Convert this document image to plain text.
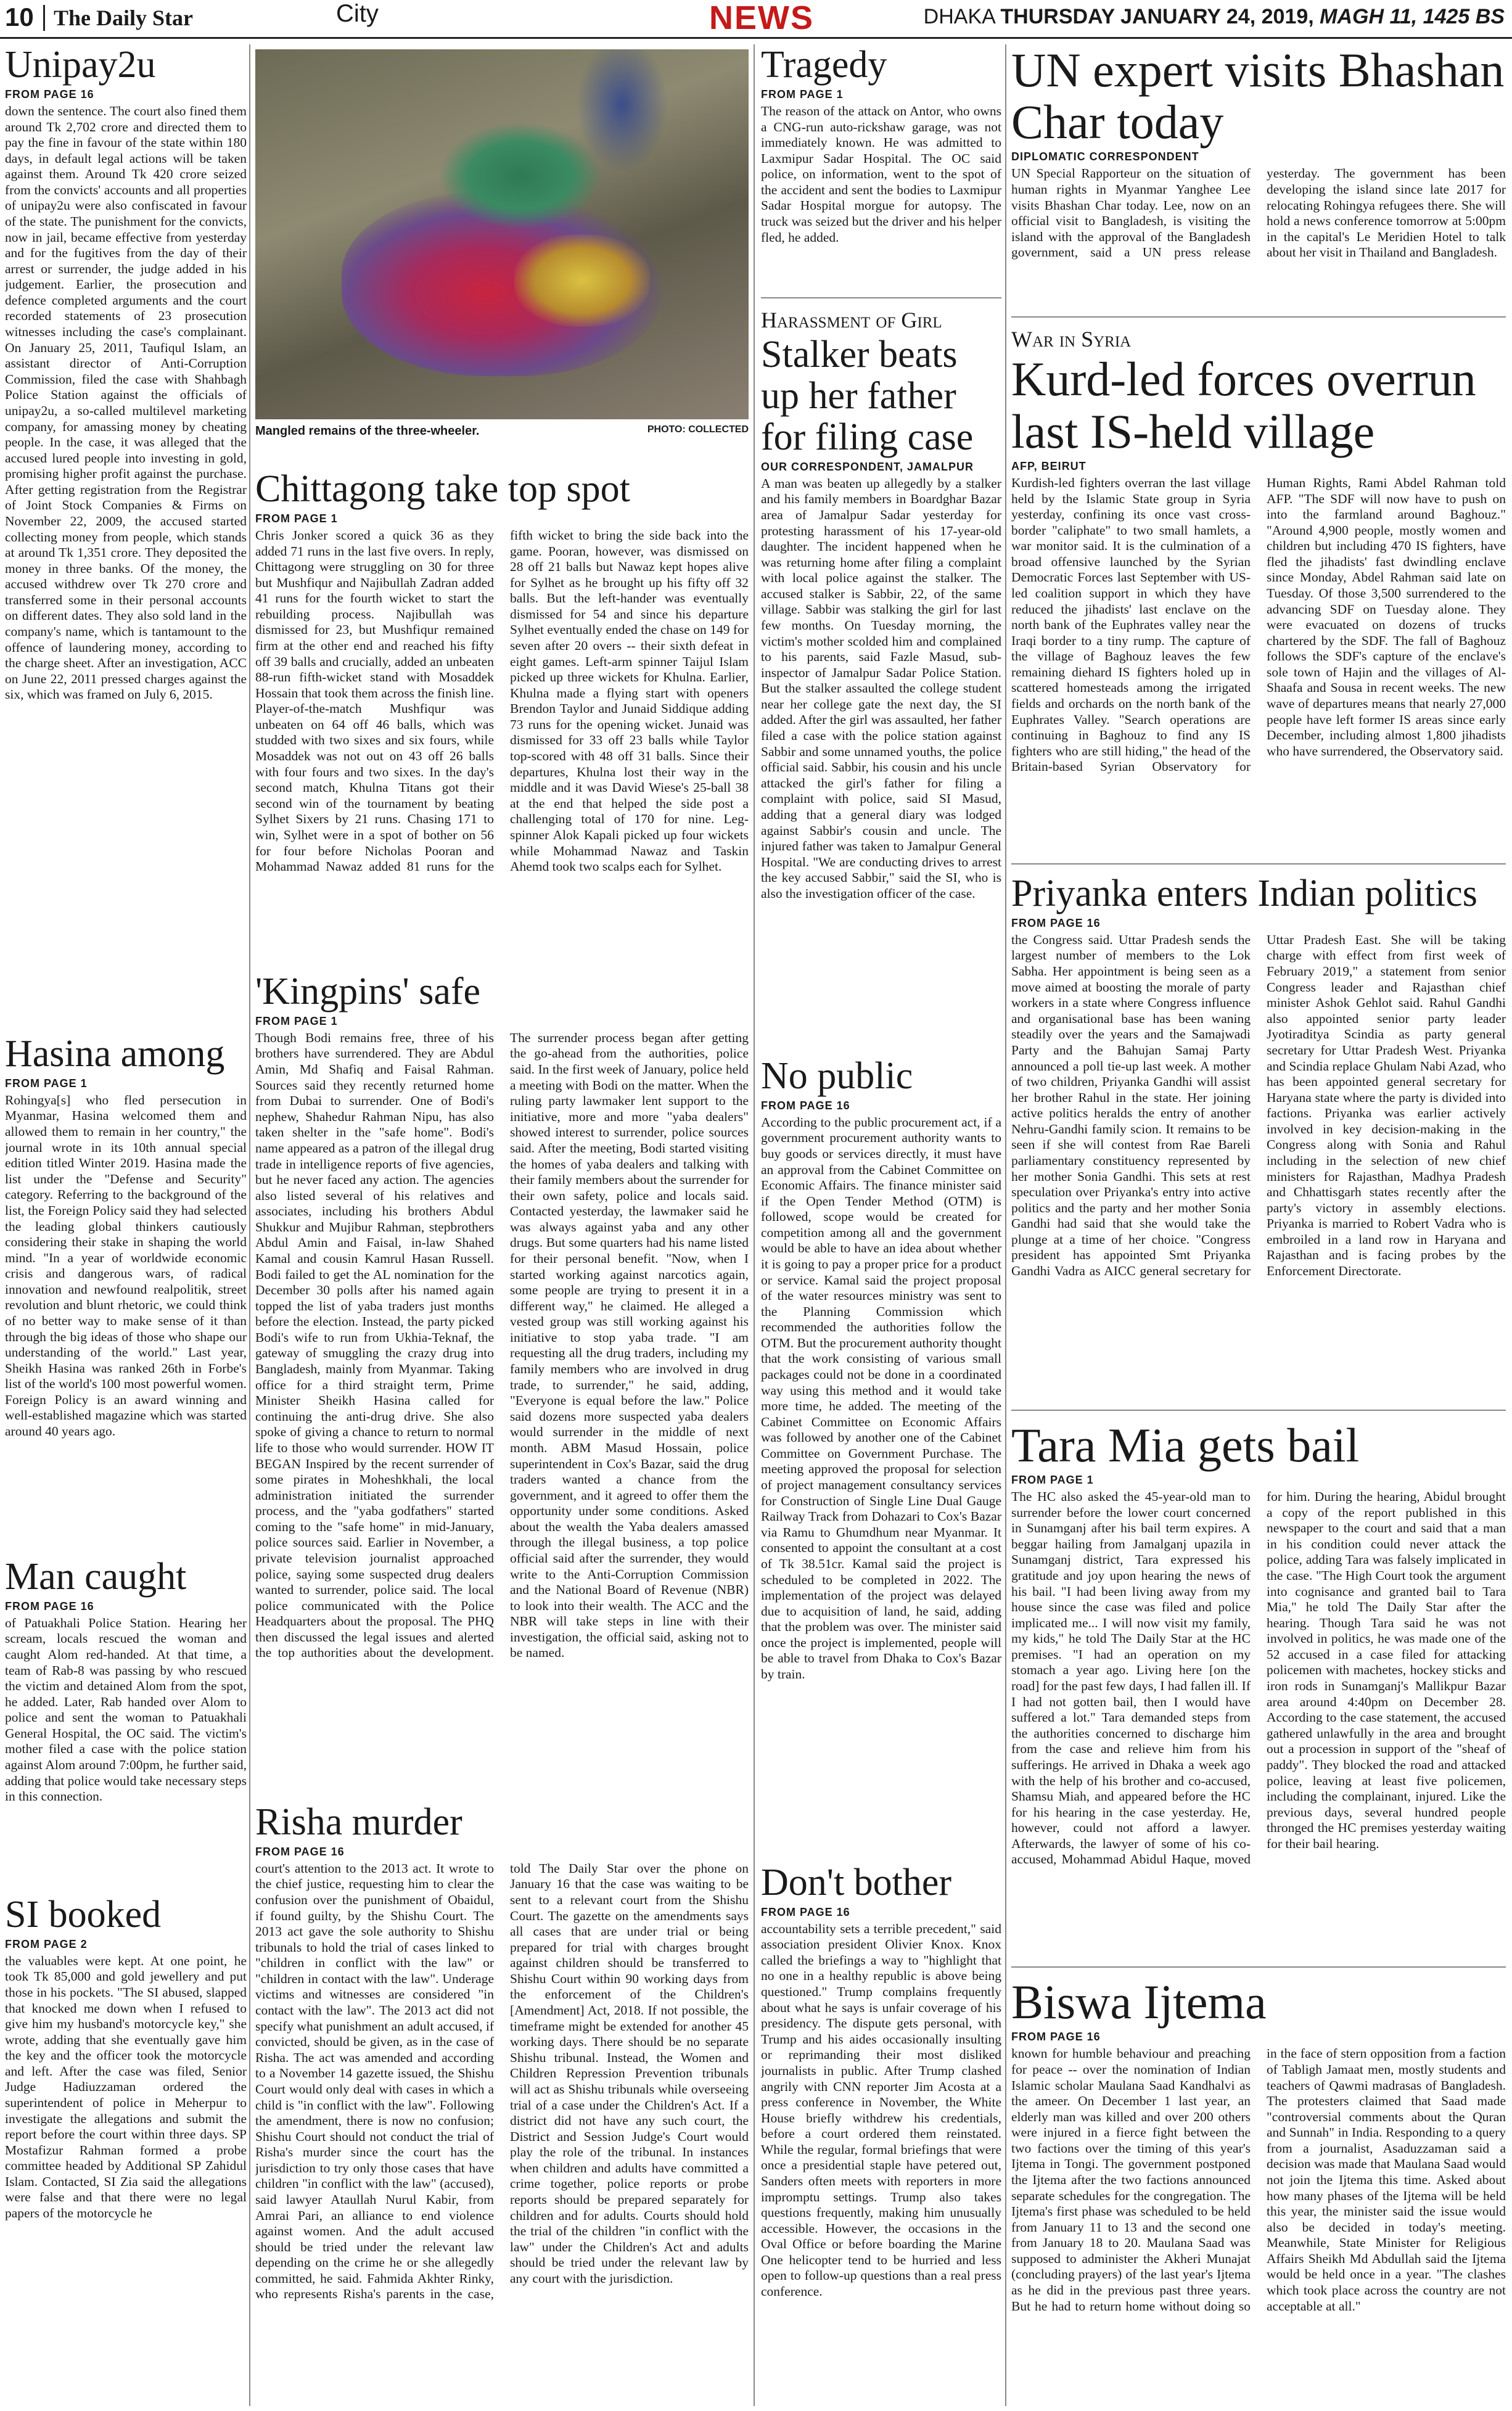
10 The Daily Star	City	NEWS	DHAKA THURSDAY JANUARY 24, 2019, MAGH 11, 1425 BS
Unipay2u
FROM PAGE 16
down the sentence. The court also fined them around Tk 2,702 crore and directed them to pay the fine in favour of the state within 180 days, in default legal actions will be taken against them. Around Tk 420 crore seized from the convicts' accounts and all properties of unipay2u were also confiscated in favour of the state. The punishment for the convicts, now in jail, became effective from yesterday and for the fugitives from the day of their arrest or surrender, the judge added in his judgement. Earlier, the prosecution and defence completed arguments and the court recorded statements of 23 prosecution witnesses including the case's complainant. On January 25, 2011, Taufiqul Islam, an assistant director of Anti-Corruption Commission, filed the case with Shahbagh Police Station against the officials of unipay2u, a so-called multilevel marketing company, for amassing money by cheating people. In the case, it was alleged that the accused lured people into investing in gold, promising higher profit against the purchase. After getting registration from the Registrar of Joint Stock Companies & Firms on November 22, 2009, the accused started collecting money from people, which stands at around Tk 1,351 crore. They deposited the money in three banks. Of the money, the accused withdrew over Tk 270 crore and transferred some in their personal accounts on different dates. They also sold land in the company's name, which is tantamount to the offence of laundering money, according to the charge sheet. After an investigation, ACC on June 22, 2011 pressed charges against the six, which was framed on July 6, 2015.
Hasina among
FROM PAGE 1
Rohingya[s] who fled persecution in Myanmar, Hasina welcomed them and allowed them to remain in her country," the journal wrote in its 10th annual special edition titled Winter 2019. Hasina made the list under the "Defense and Security" category. Referring to the background of the list, the Foreign Policy said they had selected the leading global thinkers cautiously considering their stake in shaping the world mind. "In a year of worldwide economic crisis and dangerous wars, of radical innovation and newfound realpolitik, street revolution and blunt rhetoric, we could think of no better way to make sense of it than through the big ideas of those who shape our understanding of the world." Last year, Sheikh Hasina was ranked 26th in Forbe's list of the world's 100 most powerful women. Foreign Policy is an award winning and well-established magazine which was started around 40 years ago.
Man caught
FROM PAGE 16
of Patuakhali Police Station. Hearing her scream, locals rescued the woman and caught Alom red-handed. At that time, a team of Rab-8 was passing by who rescued the victim and detained Alom from the spot, he added. Later, Rab handed over Alom to police and sent the woman to Patuakhali General Hospital, the OC said. The victim's mother filed a case with the police station against Alom around 7:00pm, he further said, adding that police would take necessary steps in this connection.
SI booked
FROM PAGE 2
the valuables were kept. At one point, he took Tk 85,000 and gold jewellery and put those in his pockets. "The SI abused, slapped that knocked me down when I refused to give him my husband's motorcycle key," she wrote, adding that she eventually gave him the key and the officer took the motorcycle and left. After the case was filed, Senior Judge Hadiuzzaman ordered the superintendent of police in Meherpur to investigate the allegations and submit the report before the court within three days. SP Mostafizur Rahman formed a probe committee headed by Additional SP Zahidul Islam. Contacted, SI Zia said the allegations were false and that there were no legal papers of the motorcycle he
Mangled remains of the three-wheeler.	PHOTO: COLLECTED
Chittagong take top spot
FROM PAGE 1
Chris Jonker scored a quick 36 as they added 71 runs in the last five overs. In reply, Chittagong were struggling on 30 for three but Mushfiqur and Najibullah Zadran added 41 runs for the fourth wicket to start the rebuilding process. Najibullah was dismissed for 23, but Mushfiqur remained firm at the other end and reached his fifty off 39 balls and crucially, added an unbeaten 88-run fifth-wicket stand with Mosaddek Hossain that took them across the finish line. Player-of-the-match Mushfiqur was unbeaten on 64 off 46 balls, which was studded with two sixes and six fours, while Mosaddek was not out on 43 off 26 balls with four fours and two sixes. In the day's second match, Khulna Titans got their second win of the tournament by beating Sylhet Sixers by 21 runs. Chasing 171 to win, Sylhet were in a spot of bother on 56 for four before Nicholas Pooran and Mohammad Nawaz added 81 runs for the fifth wicket to bring the side back into the game. Pooran, however, was dismissed on 28 off 21 balls but Nawaz kept hopes alive for Sylhet as he brought up his fifty off 32 balls. But the left-hander was eventually dismissed for 54 and since his departure Sylhet eventually ended the chase on 149 for seven after 20 overs -- their sixth defeat in eight games. Left-arm spinner Taijul Islam picked up three wickets for Khulna. Earlier, Khulna made a flying start with openers Brendon Taylor and Junaid Siddique adding 73 runs for the opening wicket. Junaid was dismissed for 33 off 23 balls while Taylor top-scored with 48 off 31 balls. Since their departures, Khulna lost their way in the middle and it was David Wiese's 25-ball 38 at the end that helped the side post a challenging total of 170 for nine. Leg-spinner Alok Kapali picked up four wickets while Mohammad Nawaz and Taskin Ahemd took two scalps each for Sylhet.
'Kingpins' safe
FROM PAGE 1
Though Bodi remains free, three of his brothers have surrendered. They are Abdul Amin, Md Shafiq and Faisal Rahman. Sources said they recently returned home from Dubai to surrender. One of Bodi's nephew, Shahedur Rahman Nipu, has also taken shelter in the "safe home". Bodi's name appeared as a patron of the illegal drug trade in intelligence reports of five agencies, but he never faced any action. The agencies also listed several of his relatives and associates, including his brothers Abdul Shukkur and Mujibur Rahman, stepbrothers Abdul Amin and Faisal, in-law Shahed Kamal and cousin Kamrul Hasan Russell. Bodi failed to get the AL nomination for the December 30 polls after his named again topped the list of yaba traders just months before the election. Instead, the party picked Bodi's wife to run from Ukhia-Teknaf, the gateway of smuggling the crazy drug into Bangladesh, mainly from Myanmar. Taking office for a third straight term, Prime Minister Sheikh Hasina called for continuing the anti-drug drive. She also spoke of giving a chance to return to normal life to those who would surrender. HOW IT BEGAN Inspired by the recent surrender of some pirates in Moheshkhali, the local administration initiated the surrender process, and the "yaba godfathers" started coming to the "safe home" in mid-January, police sources said. Earlier in November, a private television journalist approached police, saying some suspected drug dealers wanted to surrender, police said. The local police communicated with the Police Headquarters about the proposal. The PHQ then discussed the legal issues and alerted the top authorities about the development. The surrender process began after getting the go-ahead from the authorities, police said. In the first week of January, police held a meeting with Bodi on the matter. When the ruling party lawmaker lent support to the initiative, more and more "yaba dealers" showed interest to surrender, police sources said. After the meeting, Bodi started visiting the homes of yaba dealers and talking with their family members about the surrender for their own safety, police and locals said. Contacted yesterday, the lawmaker said he was always against yaba and any other drugs. But some quarters had his name listed for their personal benefit. "Now, when I started working against narcotics again, some people are trying to present it in a different way," he claimed. He alleged a vested group was still working against his initiative to stop yaba trade. "I am requesting all the drug traders, including my family members who are involved in drug trade, to surrender," he said, adding, "Everyone is equal before the law." Police said dozens more suspected yaba dealers would surrender in the middle of next month. ABM Masud Hossain, police superintendent in Cox's Bazar, said the drug traders wanted a chance from the government, and it agreed to offer them the opportunity under some conditions. Asked about the wealth the Yaba dealers amassed through the illegal business, a top police official said after the surrender, they would write to the Anti-Corruption Commission and the National Board of Revenue (NBR) to look into their wealth. The ACC and the NBR will take steps in line with their investigation, the official said, asking not to be named.
Risha murder
FROM PAGE 16
court's attention to the 2013 act. It wrote to the chief justice, requesting him to clear the confusion over the punishment of Obaidul, if found guilty, by the Shishu Court. The 2013 act gave the sole authority to Shishu tribunals to hold the trial of cases linked to "children in conflict with the law" or "children in contact with the law". Underage victims and witnesses are considered "in contact with the law". The 2013 act did not specify what punishment an adult accused, if convicted, should be given, as in the case of Risha. The act was amended and according to a November 14 gazette issued, the Shishu Court would only deal with cases in which a child is "in conflict with the law". Following the amendment, there is now no confusion; Shishu Court should not conduct the trial of Risha's murder since the court has the jurisdiction to try only those cases that have children "in conflict with the law" (accused), said lawyer Ataullah Nurul Kabir, from Amrai Pari, an alliance to end violence against women. And the adult accused should be tried under the relevant law depending on the crime he or she allegedly committed, he said. Fahmida Akhter Rinky, who represents Risha's parents in the case, told The Daily Star over the phone on January 16 that the case was waiting to be sent to a relevant court from the Shishu Court. The gazette on the amendments says all cases that are under trial or being prepared for trial with charges brought against children should be transferred to Shishu Court within 90 working days from the enforcement of the Children's [Amendment] Act, 2018. If not possible, the timeframe might be extended for another 45 working days. There should be no separate Shishu tribunal. Instead, the Women and Children Repression Prevention tribunals will act as Shishu tribunals while overseeing trial of a case under the Children's Act. If a district did not have any such court, the District and Session Judge's Court would play the role of the tribunal. In instances when children and adults have committed a crime together, police reports or probe reports should be prepared separately for children and for adults. Courts should hold the trial of the children "in conflict with the law" under the Children's Act and adults should be tried under the relevant law by any court with the jurisdiction.
Tragedy
FROM PAGE 1
The reason of the attack on Antor, who owns a CNG-run auto-rickshaw garage, was not immediately known. He was admitted to Laxmipur Sadar Hospital. The OC said police, on information, went to the spot of the accident and sent the bodies to Laxmipur Sadar Hospital morgue for autopsy. The truck was seized but the driver and his helper fled, he added.
Harassment of Girl
Stalker beats up her father for filing case
OUR CORRESPONDENT, JAMALPUR
A man was beaten up allegedly by a stalker and his family members in Boardghar Bazar area of Jamalpur Sadar yesterday for protesting harassment of his 17-year-old daughter. The incident happened when he was returning home after filing a complaint with local police against the stalker. The accused stalker is Sabbir, 22, of the same village. Sabbir was stalking the girl for last few months. On Tuesday morning, the victim's mother scolded him and complained to his parents, said Fazle Masud, sub-inspector of Jamalpur Sadar Police Station. But the stalker assaulted the college student near her college gate the next day, the SI added. After the girl was assaulted, her father filed a case with the police station against Sabbir and some unnamed youths, the police official said. Sabbir, his cousin and his uncle attacked the girl's father for filing a complaint with police, said SI Masud, adding that a general diary was lodged against Sabbir's cousin and uncle. The injured father was taken to Jamalpur General Hospital. "We are conducting drives to arrest the key accused Sabbir," said the SI, who is also the investigation officer of the case.
No public
FROM PAGE 16
According to the public procurement act, if a government procurement authority wants to buy goods or services directly, it must have an approval from the Cabinet Committee on Economic Affairs. The finance minister said if the Open Tender Method (OTM) is followed, scope would be created for competition among all and the government would be able to have an idea about whether it is going to pay a proper price for a product or service. Kamal said the project proposal of the water resources ministry was sent to the Planning Commission which recommended the authorities follow the OTM. But the procurement authority thought that the work consisting of various small packages could not be done in a coordinated way using this method and it would take more time, he added. The meeting of the Cabinet Committee on Economic Affairs was followed by another one of the Cabinet Committee on Government Purchase. The meeting approved the proposal for selection of project management consultancy services for Construction of Single Line Dual Gauge Railway Track from Dohazari to Cox's Bazar via Ramu to Ghumdhum near Myanmar. It consented to appoint the consultant at a cost of Tk 38.51cr. Kamal said the project is scheduled to be completed in 2022. The implementation of the project was delayed due to acquisition of land, he said, adding that the problem was over. The minister said once the project is implemented, people will be able to travel from Dhaka to Cox's Bazar by train.
Don't bother
FROM PAGE 16
accountability sets a terrible precedent," said association president Olivier Knox. Knox called the briefings a way to "highlight that no one in a healthy republic is above being questioned." Trump complains frequently about what he says is unfair coverage of his presidency. The dispute gets personal, with Trump and his aides occasionally insulting or reprimanding their most disliked journalists in public. After Trump clashed angrily with CNN reporter Jim Acosta at a press conference in November, the White House briefly withdrew his credentials, before a court ordered them reinstated. While the regular, formal briefings that were once a presidential staple have petered out, Sanders often meets with reporters in more impromptu settings. Trump also takes questions frequently, making him unusually accessible. However, the occasions in the Oval Office or before boarding the Marine One helicopter tend to be hurried and less open to follow-up questions than a real press conference.
UN expert visits Bhashan Char today
DIPLOMATIC CORRESPONDENT
UN Special Rapporteur on the situation of human rights in Myanmar Yanghee Lee visits Bhashan Char today. Lee, now on an official visit to Bangladesh, is visiting the island with the approval of the Bangladesh government, said a UN press release yesterday. The government has been developing the island since late 2017 for relocating Rohingya refugees there. She will hold a news conference tomorrow at 5:00pm in the capital's Le Meridien Hotel to talk about her visit in Thailand and Bangladesh.
War in Syria
Kurd-led forces overrun last IS-held village
AFP, BEIRUT
Kurdish-led fighters overran the last village held by the Islamic State group in Syria yesterday, confining its once vast cross-border "caliphate" to two small hamlets, a war monitor said. It is the culmination of a broad offensive launched by the Syrian Democratic Forces last September with US-led coalition support in which they have reduced the jihadists' last enclave on the north bank of the Euphrates valley near the Iraqi border to a tiny rump. The capture of the village of Baghouz leaves the few remaining diehard IS fighters holed up in scattered homesteads among the irrigated fields and orchards on the north bank of the Euphrates Valley. "Search operations are continuing in Baghouz to find any IS fighters who are still hiding," the head of the Britain-based Syrian Observatory for Human Rights, Rami Abdel Rahman told AFP. "The SDF will now have to push on into the farmland around Baghouz." "Around 4,900 people, mostly women and children but including 470 IS fighters, have fled the jihadists' fast dwindling enclave since Monday, Abdel Rahman said late on Tuesday. Of those 3,500 surrendered to the advancing SDF on Tuesday alone. They were evacuated on dozens of trucks chartered by the SDF. The fall of Baghouz follows the SDF's capture of the enclave's sole town of Hajin and the villages of Al-Shaafa and Sousa in recent weeks. The new wave of departures means that nearly 27,000 people have left former IS areas since early December, including almost 1,800 jihadists who have surrendered, the Observatory said.
Priyanka enters Indian politics
FROM PAGE 16
the Congress said. Uttar Pradesh sends the largest number of members to the Lok Sabha. Her appointment is being seen as a move aimed at boosting the morale of party workers in a state where Congress influence and organisational base has been waning steadily over the years and the Samajwadi Party and the Bahujan Samaj Party announced a poll tie-up last week. A mother of two children, Priyanka Gandhi will assist her brother Rahul in the state. Her joining active politics heralds the entry of another Nehru-Gandhi family scion. It remains to be seen if she will contest from Rae Bareli parliamentary constituency represented by her mother Sonia Gandhi. This sets at rest speculation over Priyanka's entry into active politics and the party and her mother Sonia Gandhi had said that she would take the plunge at a time of her choice. "Congress president has appointed Smt Priyanka Gandhi Vadra as AICC general secretary for Uttar Pradesh East. She will be taking charge with effect from first week of February 2019," a statement from senior Congress leader and Rajasthan chief minister Ashok Gehlot said. Rahul Gandhi also appointed senior party leader Jyotiraditya Scindia as party general secretary for Uttar Pradesh West. Priyanka and Scindia replace Ghulam Nabi Azad, who has been appointed general secretary for Haryana state where the party is divided into factions. Priyanka was earlier actively involved in key decision-making in the Congress along with Sonia and Rahul including in the selection of new chief ministers for Rajasthan, Madhya Pradesh and Chhattisgarh states recently after the party's victory in assembly elections. Priyanka is married to Robert Vadra who is embroiled in a land row in Haryana and Rajasthan and is facing probes by the Enforcement Directorate.
Tara Mia gets bail
FROM PAGE 1
The HC also asked the 45-year-old man to surrender before the lower court concerned in Sunamganj after his bail term expires. A beggar hailing from Jamalganj upazila in Sunamganj district, Tara expressed his gratitude and joy upon hearing the news of his bail. "I had been living away from my house since the case was filed and police implicated me... I will now visit my family, my kids," he told The Daily Star at the HC premises. "I had an operation on my stomach a year ago. Living here [on the road] for the past few days, I had fallen ill. If I had not gotten bail, then I would have suffered a lot." Tara demanded steps from the authorities concerned to discharge him from the case and relieve him from his sufferings. He arrived in Dhaka a week ago with the help of his brother and co-accused, Shamsu Miah, and appeared before the HC for his hearing in the case yesterday. He, however, could not afford a lawyer. Afterwards, the lawyer of some of his co-accused, Mohammad Abidul Haque, moved for him. During the hearing, Abidul brought a copy of the report published in this newspaper to the court and said that a man in his condition could never attack the police, adding Tara was falsely implicated in the case. "The High Court took the argument into cognisance and granted bail to Tara Mia," he told The Daily Star after the hearing. Though Tara said he was not involved in politics, he was made one of the 52 accused in a case filed for attacking policemen with machetes, hockey sticks and iron rods in Sunamganj's Mallikpur Bazar area around 4:40pm on December 28. According to the case statement, the accused gathered unlawfully in the area and brought out a procession in support of the "sheaf of paddy". They blocked the road and attacked police, leaving at least five policemen, including the complainant, injured. Like the previous days, several hundred people thronged the HC premises yesterday waiting for their bail hearing.
Biswa Ijtema
FROM PAGE 16
known for humble behaviour and preaching for peace -- over the nomination of Indian Islamic scholar Maulana Saad Kandhalvi as the ameer. On December 1 last year, an elderly man was killed and over 200 others were injured in a fierce fight between the two factions over the timing of this year's Ijtema in Tongi. The government postponed the Ijtema after the two factions announced separate schedules for the congregation. The Ijtema's first phase was scheduled to be held from January 11 to 13 and the second one from January 18 to 20. Maulana Saad was supposed to administer the Akheri Munajat (concluding prayers) of the last year's Ijtema as he did in the previous past three years. But he had to return home without doing so in the face of stern opposition from a faction of Tabligh Jamaat men, mostly students and teachers of Qawmi madrasas of Bangladesh. The protesters claimed that Saad made "controversial comments about the Quran and Sunnah" in India. Responding to a query from a journalist, Asaduzzaman said a decision was made that Maulana Saad would not join the Ijtema this time. Asked about how many phases of the Ijtema will be held this year, the minister said the issue would also be decided in today's meeting. Meanwhile, State Minister for Religious Affairs Sheikh Md Abdullah said the Ijtema would be held once in a year. "The clashes which took place across the country are not acceptable at all."
